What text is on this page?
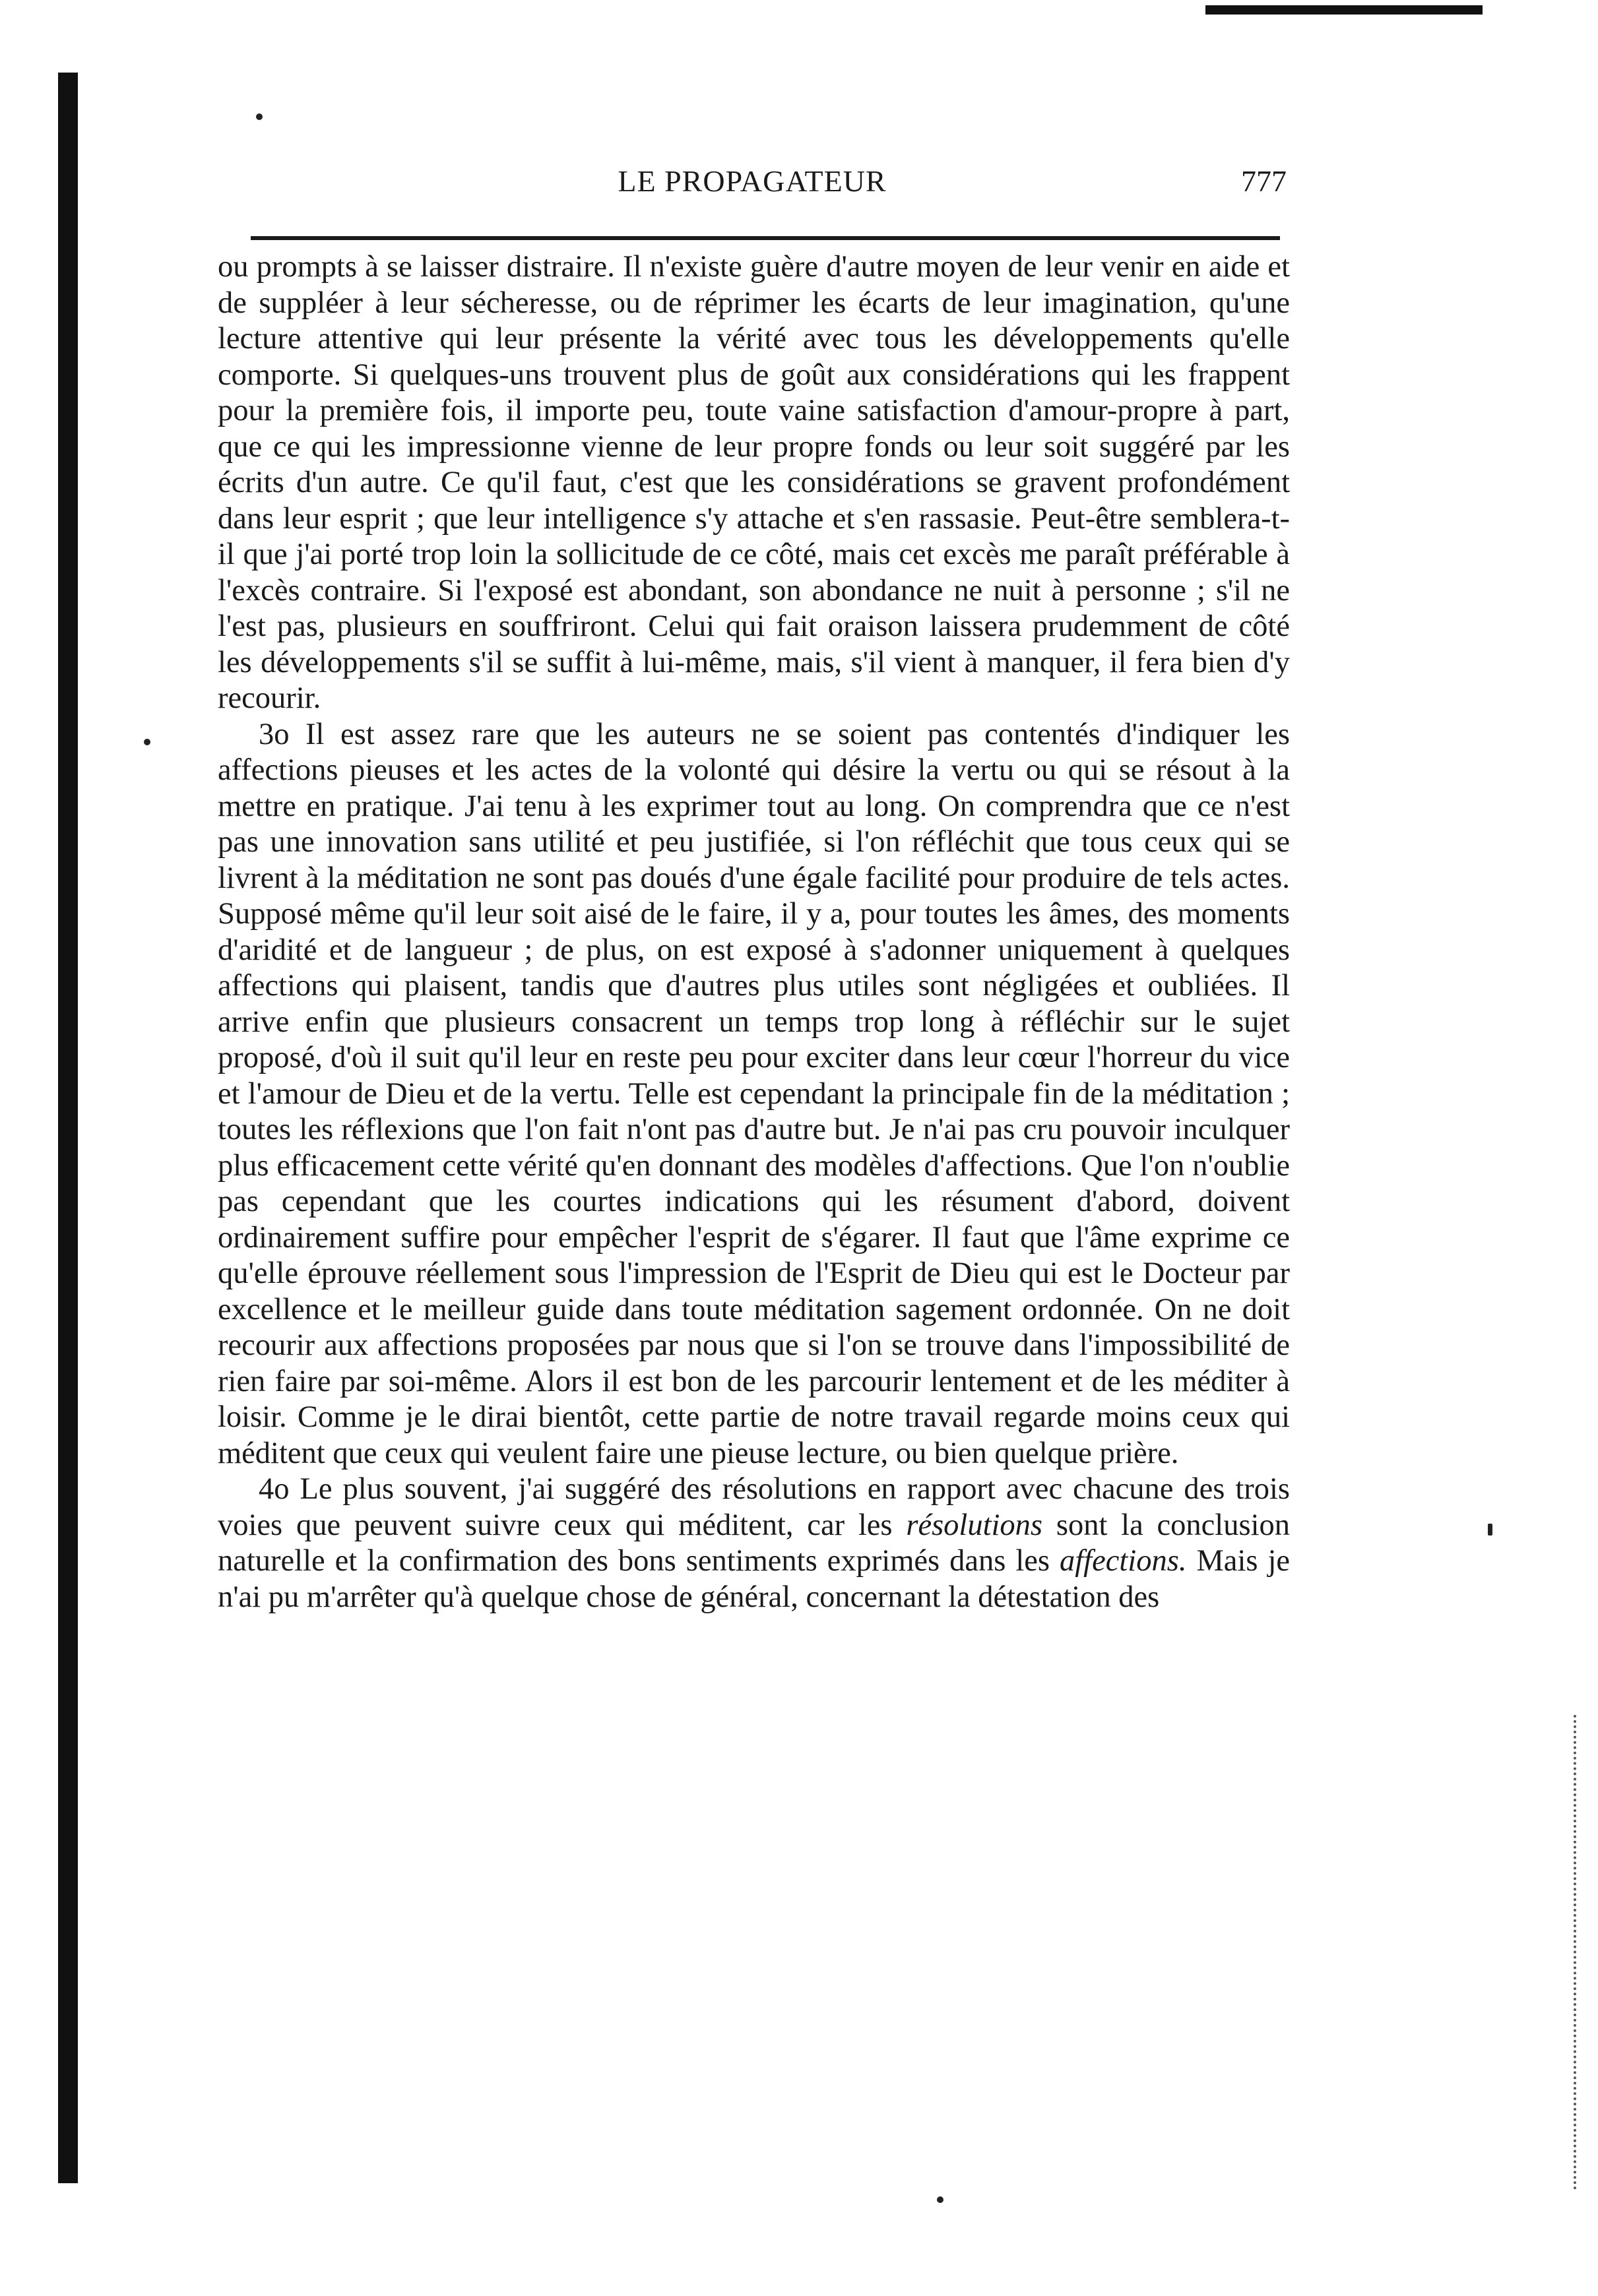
LE PROPAGATEUR	777

ou prompts à se laisser distraire. Il n'existe guère d'autre moyen de leur venir en aide et de suppléer à leur sécheresse, ou de réprimer les écarts de leur imagination, qu'une lecture attentive qui leur présente la vérité avec tous les développements qu'elle comporte. Si quelques-uns trouvent plus de goût aux considérations qui les frappent pour la première fois, il importe peu, toute vaine satisfaction d'amour-propre à part, que ce qui les impressionne vienne de leur propre fonds ou leur soit suggéré par les écrits d'un autre. Ce qu'il faut, c'est que les considérations se gravent profondément dans leur esprit ; que leur intelligence s'y attache et s'en rassasie. Peut-être semblera-t-il que j'ai porté trop loin la sollicitude de ce côté, mais cet excès me paraît préférable à l'excès contraire. Si l'exposé est abondant, son abondance ne nuit à personne ; s'il ne l'est pas, plusieurs en souffriront. Celui qui fait oraison laissera prudemment de côté les développements s'il se suffit à lui-même, mais, s'il vient à manquer, il fera bien d'y recourir.

3o Il est assez rare que les auteurs ne se soient pas contentés d'indiquer les affections pieuses et les actes de la volonté qui désire la vertu ou qui se résout à la mettre en pratique. J'ai tenu à les exprimer tout au long. On comprendra que ce n'est pas une innovation sans utilité et peu justifiée, si l'on réfléchit que tous ceux qui se livrent à la méditation ne sont pas doués d'une égale facilité pour produire de tels actes. Supposé même qu'il leur soit aisé de le faire, il y a, pour toutes les âmes, des moments d'aridité et de langueur ; de plus, on est exposé à s'adonner uniquement à quelques affections qui plaisent, tandis que d'autres plus utiles sont négligées et oubliées. Il arrive enfin que plusieurs consacrent un temps trop long à réfléchir sur le sujet proposé, d'où il suit qu'il leur en reste peu pour exciter dans leur cœur l'horreur du vice et l'amour de Dieu et de la vertu. Telle est cependant la principale fin de la méditation ; toutes les réflexions que l'on fait n'ont pas d'autre but. Je n'ai pas cru pouvoir inculquer plus efficacement cette vérité qu'en donnant des modèles d'affections. Que l'on n'oublie pas cependant que les courtes indications qui les résument d'abord, doivent ordinairement suffire pour empêcher l'esprit de s'égarer. Il faut que l'âme exprime ce qu'elle éprouve réellement sous l'impression de l'Esprit de Dieu qui est le Docteur par excellence et le meilleur guide dans toute méditation sagement ordonnée. On ne doit recourir aux affections proposées par nous que si l'on se trouve dans l'impossibilité de rien faire par soi-même. Alors il est bon de les parcourir lentement et de les méditer à loisir. Comme je le dirai bientôt, cette partie de notre travail regarde moins ceux qui méditent que ceux qui veulent faire une pieuse lecture, ou bien quelque prière.

4o Le plus souvent, j'ai suggéré des résolutions en rapport avec chacune des trois voies que peuvent suivre ceux qui méditent, car les résolutions sont la conclusion naturelle et la confirmation des bons sentiments exprimés dans les affections. Mais je n'ai pu m'arrêter qu'à quelque chose de général, concernant la détestation des
